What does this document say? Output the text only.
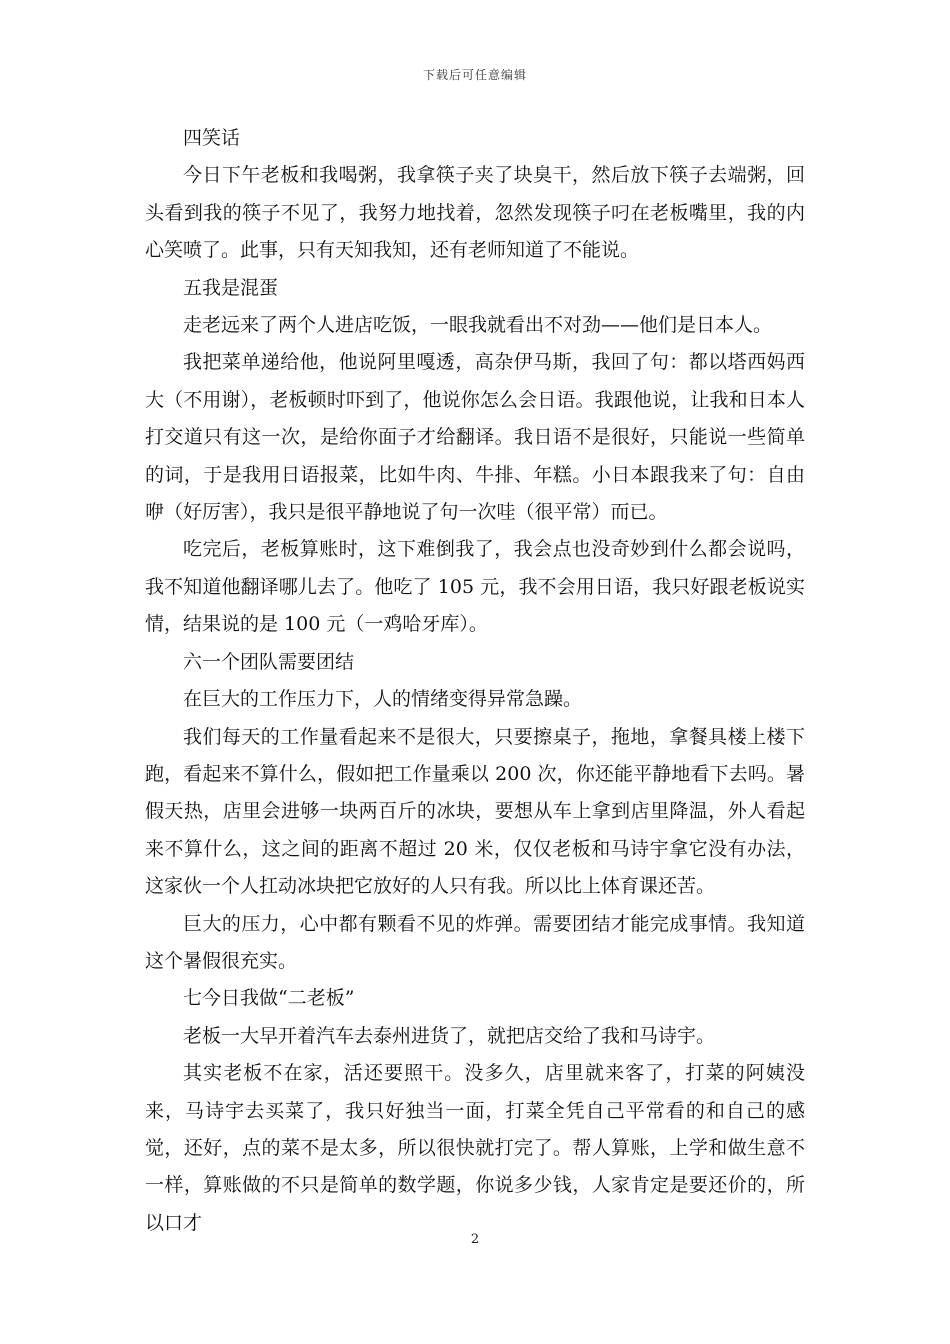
下载后可任意编辑

四笑话

今日下午老板和我喝粥，我拿筷子夹了块臭干，然后放下筷子去端粥，回头看到我的筷子不见了，我努力地找着，忽然发现筷子叼在老板嘴里，我的内心笑喷了。此事，只有天知我知，还有老师知道了不能说。

五我是混蛋

走老远来了两个人进店吃饭，一眼我就看出不对劲——他们是日本人。

我把菜单递给他，他说阿里嘎透，高杂伊马斯，我回了句：都以塔西妈西大（不用谢），老板顿时吓到了，他说你怎么会日语。我跟他说，让我和日本人打交道只有这一次，是给你面子才给翻译。我日语不是很好，只能说一些简单的词，于是我用日语报菜，比如牛肉、牛排、年糕。小日本跟我来了句：自由咿（好厉害），我只是很平静地说了句一次哇（很平常）而已。

吃完后，老板算账时，这下难倒我了，我会点也没奇妙到什么都会说吗，我不知道他翻译哪儿去了。他吃了 105 元，我不会用日语，我只好跟老板说实情，结果说的是 100 元（一鸡哈牙库）。

六一个团队需要团结

在巨大的工作压力下，人的情绪变得异常急躁。

我们每天的工作量看起来不是很大，只要擦桌子，拖地，拿餐具楼上楼下跑，看起来不算什么，假如把工作量乘以 200 次，你还能平静地看下去吗。暑假天热，店里会进够一块两百斤的冰块，要想从车上拿到店里降温，外人看起来不算什么，这之间的距离不超过 20 米，仅仅老板和马诗宇拿它没有办法，这家伙一个人扛动冰块把它放好的人只有我。所以比上体育课还苦。

巨大的压力，心中都有颗看不见的炸弹。需要团结才能完成事情。我知道这个暑假很充实。

七今日我做“二老板”

老板一大早开着汽车去泰州进货了，就把店交给了我和马诗宇。

其实老板不在家，活还要照干。没多久，店里就来客了，打菜的阿姨没来，马诗宇去买菜了，我只好独当一面，打菜全凭自己平常看的和自己的感觉，还好，点的菜不是太多，所以很快就打完了。帮人算账，上学和做生意不一样，算账做的不只是简单的数学题，你说多少钱，人家肯定是要还价的，所以口才

2
